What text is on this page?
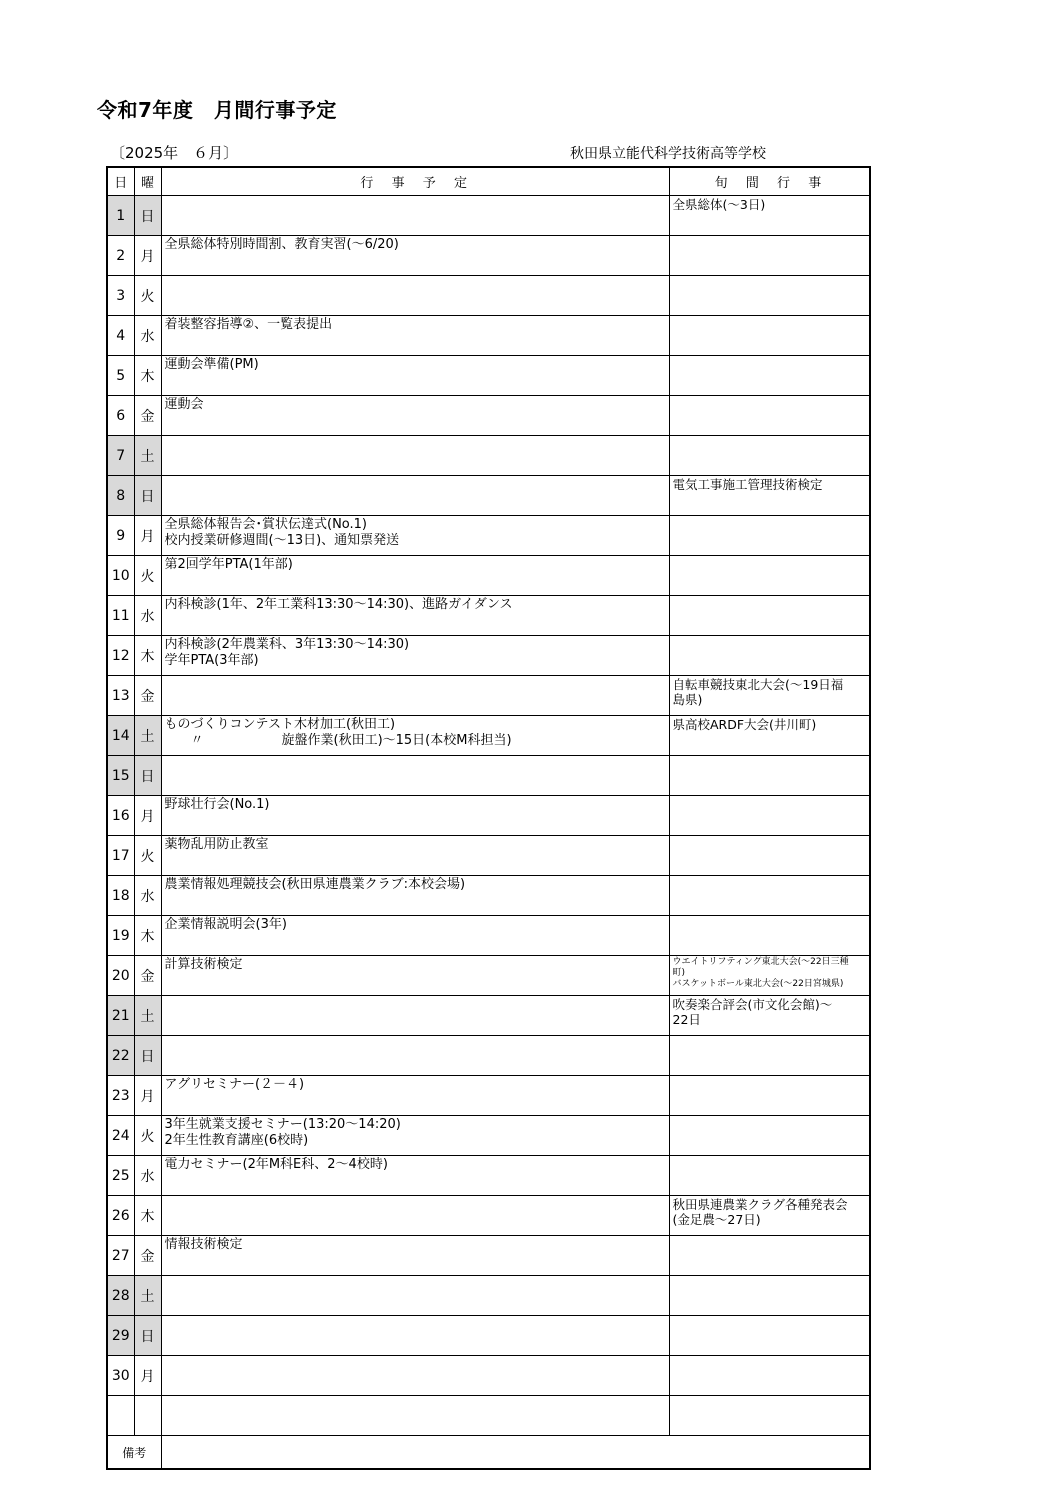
令和7年度　月間行事予定
〔2025年　６月〕	秋田県立能代科学技術高等学校
日	曜	行　事　予　定	旬　間　行　事
1	日		全県総体(～3日)
2	月	全県総体特別時間割、教育実習(～6/20)	
3	火		
4	水	着装整容指導②、一覧表提出	
5	木	運動会準備(PM)	
6	金	運動会	
7	土		
8	日		電気工事施工管理技術検定
9	月	全県総体報告会･賞状伝達式(No.1)
校内授業研修週間(～13日)、通知票発送	
10	火	第2回学年PTA(1年部)	
11	水	内科検診(1年、2年工業科13:30～14:30)、進路ガイダンス	
12	木	内科検診(2年農業科、3年13:30～14:30)
学年PTA(3年部)	
13	金		自転車競技東北大会(～19日福
島県)
14	土	ものづくりコンテスト木材加工(秋田工)
　　〃　　　　　　旋盤作業(秋田工)～15日(本校M科担当)	県高校ARDF大会(井川町)
15	日		
16	月	野球壮行会(No.1)	
17	火	薬物乱用防止教室	
18	水	農業情報処理競技会(秋田県連農業クラブ:本校会場)	
19	木	企業情報説明会(3年)	
20	金	計算技術検定	ウエイトリフティング東北大会(～22日三種
町)
バスケットボール東北大会(～22日宮城県)
21	土		吹奏楽合評会(市文化会館)～
22日
22	日		
23	月	アグリセミナー(２－４)	
24	火	3年生就業支援セミナー(13:20～14:20)
2年生性教育講座(6校時)	
25	水	電力セミナー(2年M科E科、2～4校時)	
26	木		秋田県連農業クラグ各種発表会
(金足農～27日)
27	金	情報技術検定	
28	土		
29	日		
30	月		

備考			
